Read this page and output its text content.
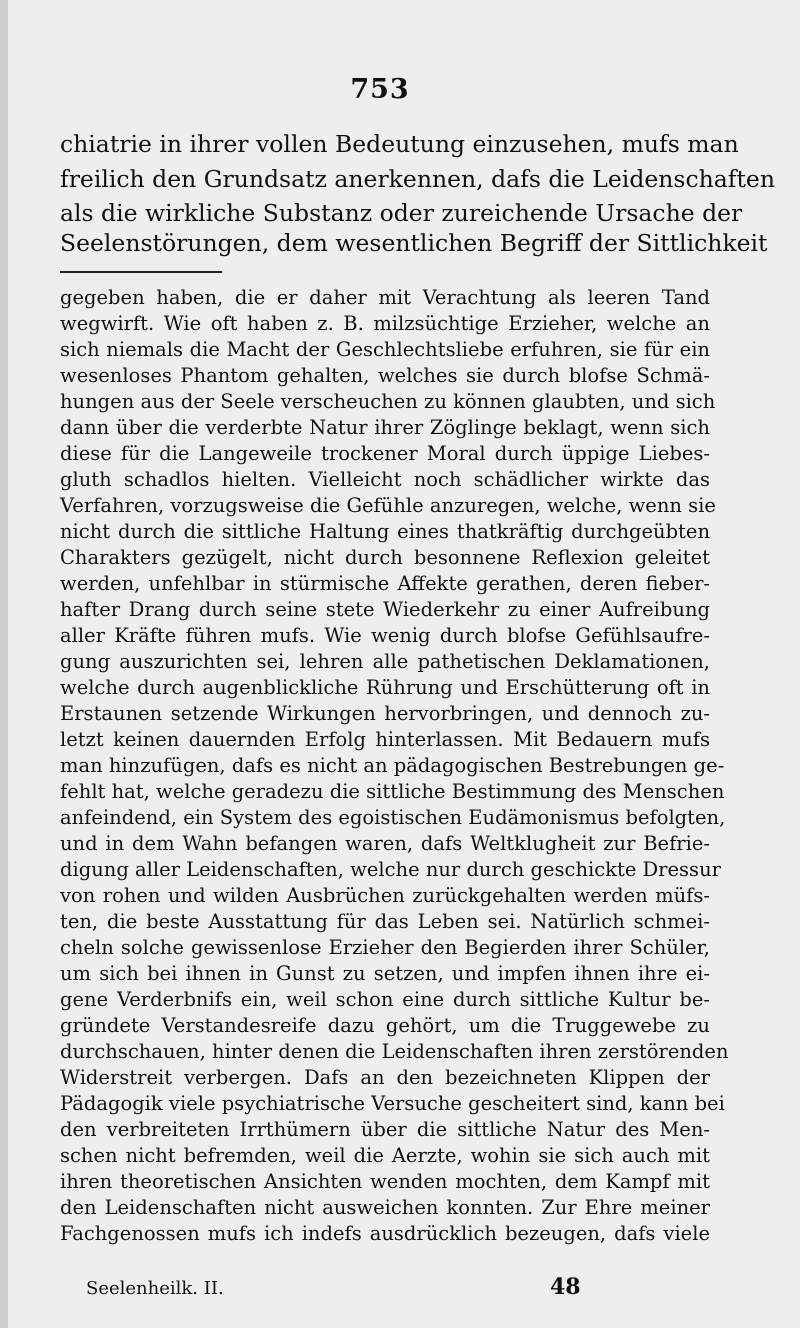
753
chiatrie in ihrer vollen Bedeutung einzusehen, mufs man
freilich den Grundsatz anerkennen, dafs die Leidenschaften
als die wirkliche Substanz oder zureichende Ursache der
Seelenstörungen, dem wesentlichen Begriff der Sittlichkeit
gegeben haben, die er daher mit Verachtung als leeren Tand
wegwirft. Wie oft haben z. B. milzsüchtige Erzieher, welche an
sich niemals die Macht der Geschlechtsliebe erfuhren, sie für ein
wesenloses Phantom gehalten, welches sie durch blofse Schmä-
hungen aus der Seele verscheuchen zu können glaubten, und sich
dann über die verderbte Natur ihrer Zöglinge beklagt, wenn sich
diese für die Langeweile trockener Moral durch üppige Liebes-
gluth schadlos hielten. Vielleicht noch schädlicher wirkte das
Verfahren, vorzugsweise die Gefühle anzuregen, welche, wenn sie
nicht durch die sittliche Haltung eines thatkräftig durchgeübten
Charakters gezügelt, nicht durch besonnene Reflexion geleitet
werden, unfehlbar in stürmische Affekte gerathen, deren fieber-
hafter Drang durch seine stete Wiederkehr zu einer Aufreibung
aller Kräfte führen mufs. Wie wenig durch blofse Gefühlsaufre-
gung auszurichten sei, lehren alle pathetischen Deklamationen,
welche durch augenblickliche Rührung und Erschütterung oft in
Erstaunen setzende Wirkungen hervorbringen, und dennoch zu-
letzt keinen dauernden Erfolg hinterlassen. Mit Bedauern mufs
man hinzufügen, dafs es nicht an pädagogischen Bestrebungen ge-
fehlt hat, welche geradezu die sittliche Bestimmung des Menschen
anfeindend, ein System des egoistischen Eudämonismus befolgten,
und in dem Wahn befangen waren, dafs Weltklugheit zur Befrie-
digung aller Leidenschaften, welche nur durch geschickte Dressur
von rohen und wilden Ausbrüchen zurückgehalten werden müfs-
ten, die beste Ausstattung für das Leben sei. Natürlich schmei-
cheln solche gewissenlose Erzieher den Begierden ihrer Schüler,
um sich bei ihnen in Gunst zu setzen, und impfen ihnen ihre ei-
gene Verderbnifs ein, weil schon eine durch sittliche Kultur be-
gründete Verstandesreife dazu gehört, um die Truggewebe zu
durchschauen, hinter denen die Leidenschaften ihren zerstörenden
Widerstreit verbergen. Dafs an den bezeichneten Klippen der
Pädagogik viele psychiatrische Versuche gescheitert sind, kann bei
den verbreiteten Irrthümern über die sittliche Natur des Men-
schen nicht befremden, weil die Aerzte, wohin sie sich auch mit
ihren theoretischen Ansichten wenden mochten, dem Kampf mit
den Leidenschaften nicht ausweichen konnten. Zur Ehre meiner
Fachgenossen mufs ich indefs ausdrücklich bezeugen, dafs viele
Seelenheilk. II.	48
